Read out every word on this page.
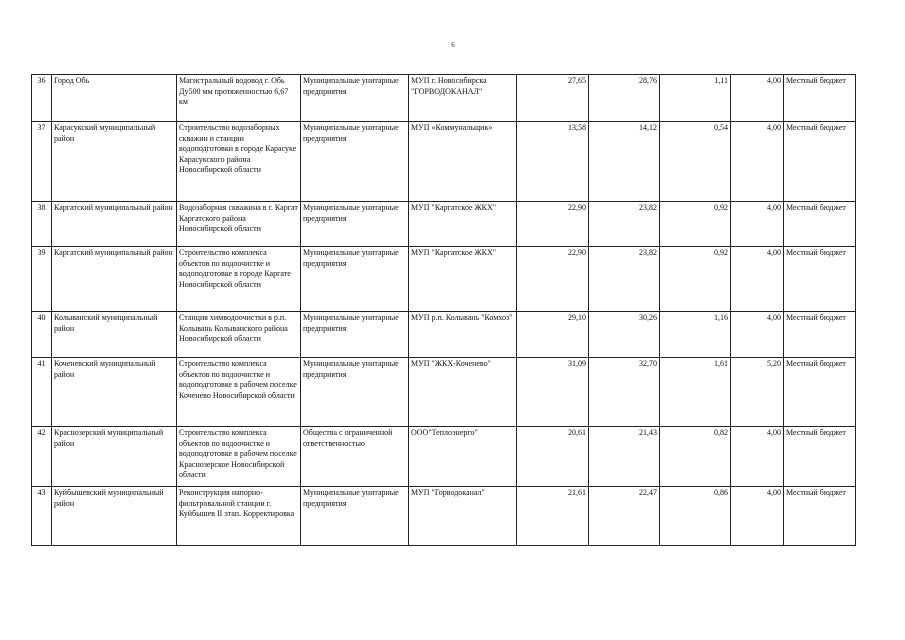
6
36	Город Обь	Магистральный водовод г. Обь Ду500 мм протяженностью 6,67 км	Муниципальные унитарные предприятия	МУП г. Новосибирска "ГОРВОДОКАНАЛ"	27,65	28,76	1,11	4,00	Местный бюджет
37	Карасукский муниципальный район	Строительство водозаборных скважин и станции водоподготовки в городе Карасуке Карасукского района Новосибирской области	Муниципальные унитарные предприятия	МУП «Коммунальщик»	13,58	14,12	0,54	4,00	Местный бюджет
38	Каргатский муниципальный район	Водозаборная скважина в г. Каргат Каргатского района Новосибирской области	Муниципальные унитарные предприятия	МУП "Каргатское ЖКХ"	22,90	23,82	0,92	4,00	Местный бюджет
39	Каргатский муниципальный район	Строительство комплекса объектов по водоочистке и водоподготовке в городе Каргате Новосибирской области	Муниципальные унитарные предприятия	МУП "Каргатское ЖКХ"	22,90	23,82	0,92	4,00	Местный бюджет
40	Колыванский муниципальный район	Станция химводоочистки в р.п. Колывань Колыванского района Новосибирской области	Муниципальные унитарные предприятия	МУП р.п. Колывань "Комхоз"	29,10	30,26	1,16	4,00	Местный бюджет
41	Коченевский муниципальный район	Строительство комплекса объектов по водоочистке и водоподготовке в рабочем поселке Коченево Новосибирской области	Муниципальные унитарные предприятия	МУП "ЖКХ-Коченево"	31,09	32,70	1,61	5,20	Местный бюджет
42	Краснозерский муниципальный район	Строительство комплекса объектов по водоочистке и водоподготовке в рабочем поселке Краснозерское Новосибирской области	Общества с ограниченной ответственностью	ООО"Теплоэнерго"	20,61	21,43	0,82	4,00	Местный бюджет
43	Куйбышевский муниципальный район	Реконструкция напорно-фильтровальной станции г. Куйбышев II этап. Корректировка	Муниципальные унитарные предприятия	МУП "Горводоканал"	21,61	22,47	0,86	4,00	Местный бюджет
